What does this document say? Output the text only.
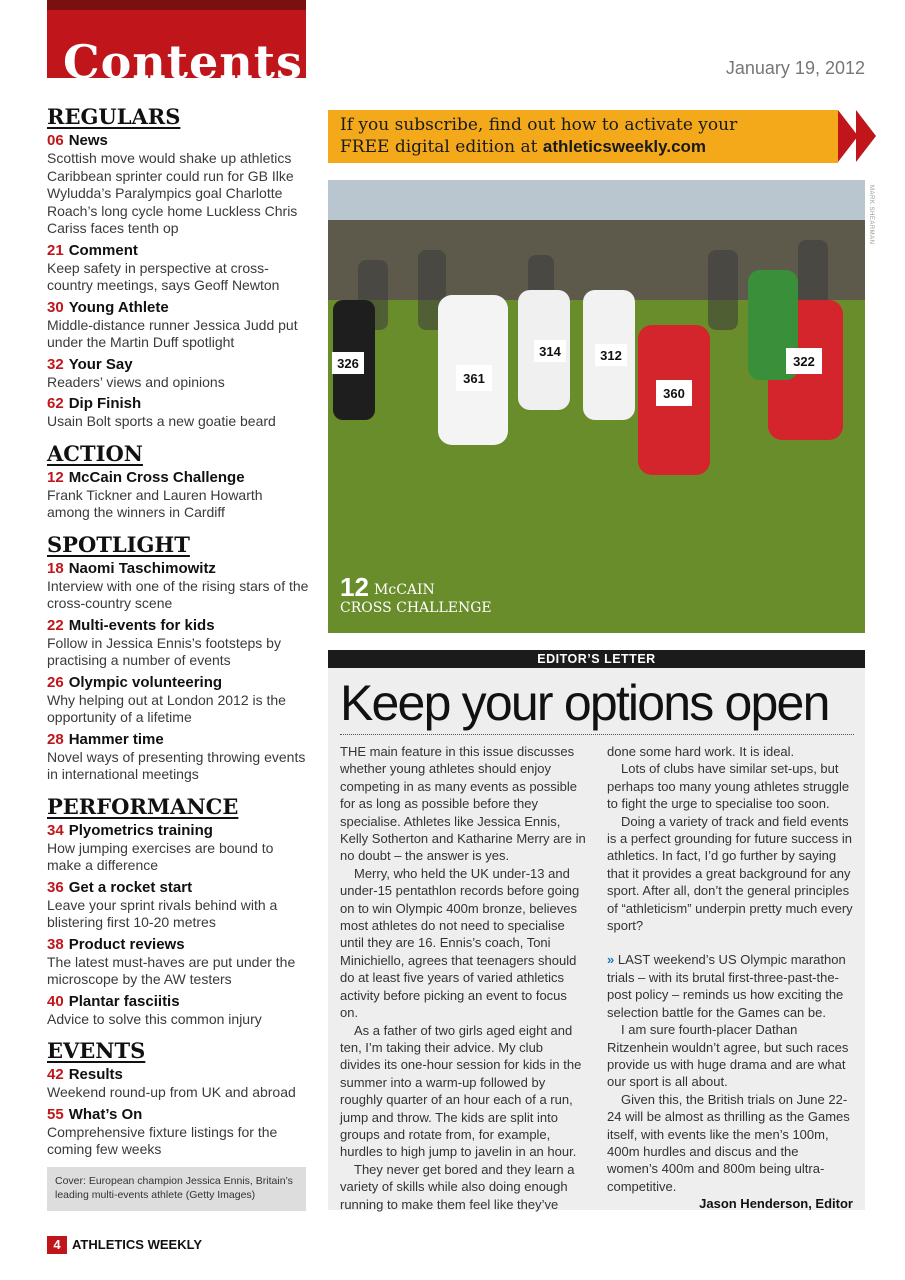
Contents	January 19, 2012
REGULARS
06 News
Scottish move would shake up athletics Caribbean sprinter could run for GB Ilke Wyludda’s Paralympics goal Charlotte Roach’s long cycle home Luckless Chris Cariss faces tenth op
21 Comment
Keep safety in perspective at cross-country meetings, says Geoff Newton
30 Young Athlete
Middle-distance runner Jessica Judd put under the Martin Duff spotlight
32 Your Say
Readers’ views and opinions
62 Dip Finish
Usain Bolt sports a new goatie beard
ACTION
12 McCain Cross Challenge
Frank Tickner and Lauren Howarth among the winners in Cardiff
SPOTLIGHT
18 Naomi Taschimowitz
Interview with one of the rising stars of the cross-country scene
22 Multi-events for kids
Follow in Jessica Ennis’s footsteps by practising a number of events
26 Olympic volunteering
Why helping out at London 2012 is the opportunity of a lifetime
28 Hammer time
Novel ways of presenting throwing events in international meetings
PERFORMANCE
34 Plyometrics training
How jumping exercises are bound to make a difference
36 Get a rocket start
Leave your sprint rivals behind with a blistering first 10-20 metres
38 Product reviews
The latest must-haves are put under the microscope by the AW testers
40 Plantar fasciitis
Advice to solve this common injury
EVENTS
42 Results
Weekend round-up from UK and abroad
55 What’s On
Comprehensive fixture listings for the coming few weeks
Cover: European champion Jessica Ennis, Britain’s leading multi-events athlete (Getty Images)
If you subscribe, find out how to activate your
FREE digital edition at athleticsweekly.com
326
361
314	312
360
322
MARK SHEARMAN
12 McCAIN
CROSS CHALLENGE
EDITOR’S LETTER
Keep your options open

THE main feature in this issue discusses whether young athletes should enjoy competing in as many events as possible for as long as possible before they specialise. Athletes like Jessica Ennis, Kelly Sotherton and Katharine Merry are in no doubt – the answer is yes.

Merry, who held the UK under-13 and under-15 pentathlon records before going on to win Olympic 400m bronze, believes most athletes do not need to specialise until they are 16. Ennis’s coach, Toni Minichiello, agrees that teenagers should do at least five years of varied athletics activity before picking an event to focus on.

As a father of two girls aged eight and ten, I’m taking their advice. My club divides its one-hour session for kids in the summer into a warm-up followed by roughly quarter of an hour each of a run, jump and throw. The kids are split into groups and rotate from, for example, hurdles to high jump to javelin in an hour.

They never get bored and they learn a variety of skills while also doing enough running to make them feel like they’ve

done some hard work. It is ideal.

Lots of clubs have similar set-ups, but perhaps too many young athletes struggle to fight the urge to specialise too soon.

Doing a variety of track and field events is a perfect grounding for future success in athletics. In fact, I’d go further by saying that it provides a great background for any sport. After all, don’t the general principles of “athleticism” underpin pretty much every sport?

» LAST weekend’s US Olympic marathon trials – with its brutal first-three-past-the-post policy – reminds us how exciting the selection battle for the Games can be.

I am sure fourth-placer Dathan Ritzenhein wouldn’t agree, but such races provide us with huge drama and are what our sport is all about.

Given this, the British trials on June 22-24 will be almost as thrilling as the Games itself, with events like the men’s 100m, 400m hurdles and discus and the women’s 400m and 800m being ultra-competitive.

Jason Henderson, Editor

4 ATHLETICS WEEKLY
